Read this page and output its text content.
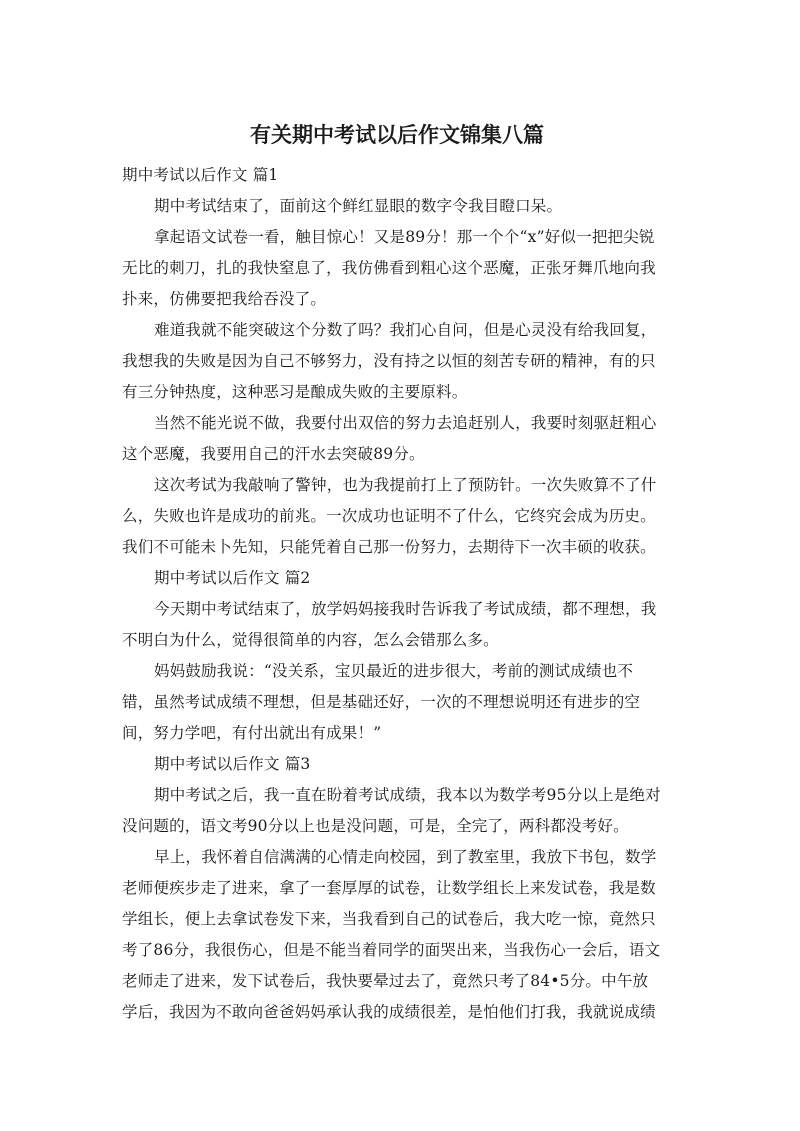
有关期中考试以后作文锦集八篇

期中考试以后作文 篇1

期中考试结束了，面前这个鲜红显眼的数字令我目瞪口呆。

拿起语文试卷一看，触目惊心！又是89分！那一个个“x”好似一把把尖锐

无比的刺刀，扎的我快窒息了，我仿佛看到粗心这个恶魔，正张牙舞爪地向我

扑来，仿佛要把我给吞没了。

难道我就不能突破这个分数了吗？我扪心自问，但是心灵没有给我回复，

我想我的失败是因为自己不够努力，没有持之以恒的刻苦专研的精神，有的只

有三分钟热度，这种恶习是酿成失败的主要原料。

当然不能光说不做，我要付出双倍的努力去追赶别人，我要时刻驱赶粗心

这个恶魔，我要用自己的汗水去突破89分。

这次考试为我敲响了警钟，也为我提前打上了预防针。一次失败算不了什

么，失败也许是成功的前兆。一次成功也证明不了什么，它终究会成为历史。

我们不可能未卜先知，只能凭着自己那一份努力，去期待下一次丰硕的收获。

期中考试以后作文 篇2

今天期中考试结束了，放学妈妈接我时告诉我了考试成绩，都不理想，我

不明白为什么，觉得很简单的内容，怎么会错那么多。

妈妈鼓励我说：“没关系，宝贝最近的进步很大，考前的测试成绩也不

错，虽然考试成绩不理想，但是基础还好，一次的不理想说明还有进步的空

间，努力学吧，有付出就出有成果！”

期中考试以后作文 篇3

期中考试之后，我一直在盼着考试成绩，我本以为数学考95分以上是绝对

没问题的，语文考90分以上也是没问题，可是，全完了，两科都没考好。

早上，我怀着自信满满的心情走向校园，到了教室里，我放下书包，数学

老师便疾步走了进来，拿了一套厚厚的试卷，让数学组长上来发试卷，我是数

学组长，便上去拿试卷发下来，当我看到自己的试卷后，我大吃一惊，竟然只

考了86分，我很伤心，但是不能当着同学的面哭出来，当我伤心一会后，语文

老师走了进来，发下试卷后，我快要晕过去了，竟然只考了84•5分。中午放

学后，我因为不敢向爸爸妈妈承认我的成绩很差，是怕他们打我，我就说成绩
